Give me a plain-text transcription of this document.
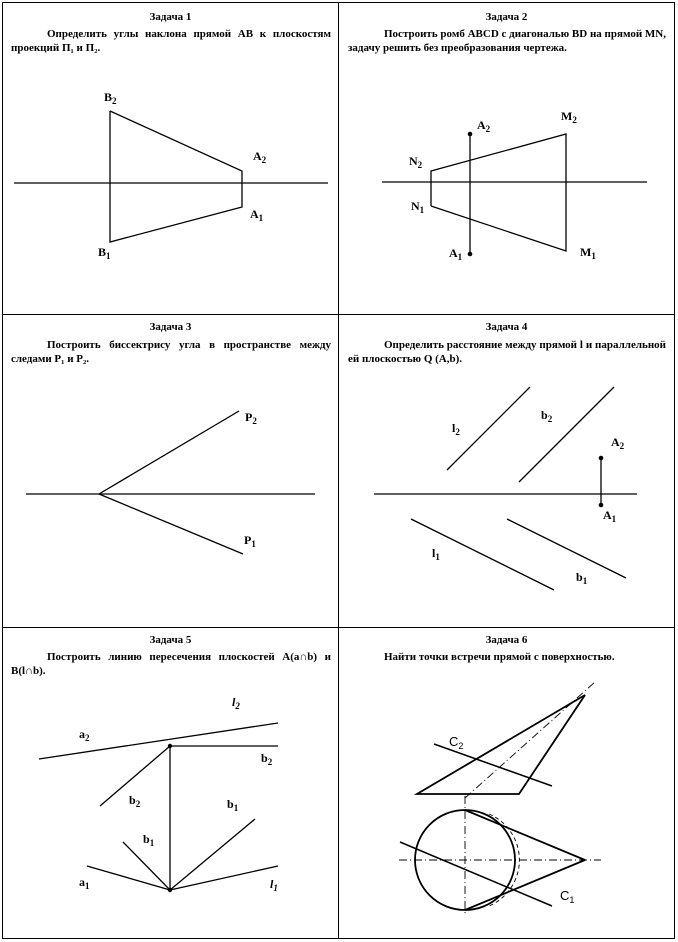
Задача 1
Определить углы наклона прямой АВ к плоскостям проекций П₁ и П₂.
$B_2$
$A_2$
$A_1$
$B_1$
Задача 2
Построить ромб ABCD с диагональю BD на прямой MN, задачу решить без преобразования чертежа.
$A_2$
$M_2$
$N_2$
$N_1$
$A_1$	$M_1$
Задача 3
Построить биссектрису угла в пространстве между следами P₁ и P₂.
$P_2$
$P_1$
Задача 4
Определить расстояние между прямой l и параллельной ей плоскостью Q (A,b).
$l_2$
$b_2$
$A_2$
$A_1$
$l_1$
$b_1$
Задача 5
Построить линию пересечения плоскостей A(a∩b) и B(l∩b).
$l_2$
$a_2$
$b_2$
$b_2$	$b_1$
$b_1$
$a_1$	$l_1$
Задача 6
Найти точки встречи прямой с поверхностью.
$C_2$
$C_1$
